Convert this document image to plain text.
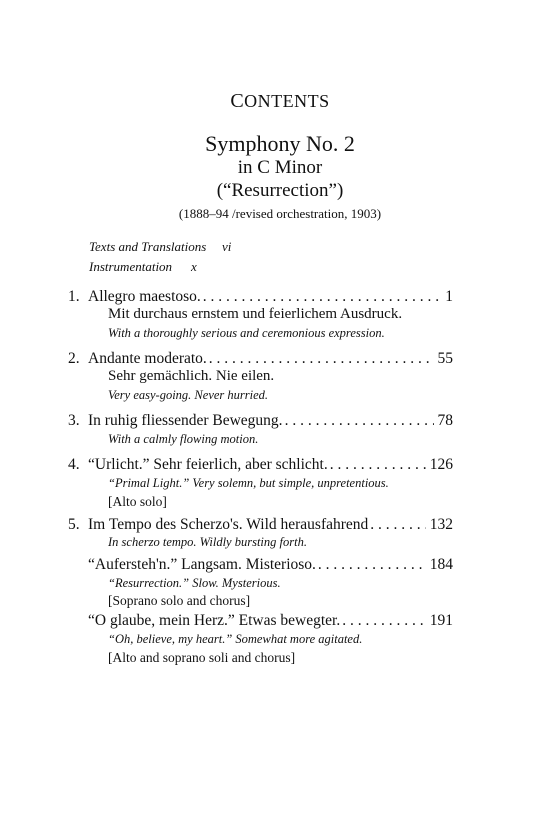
CONTENTS
Symphony No. 2
in C Minor
(“Resurrection”)
(1888–94 /revised orchestration, 1903)
Texts and Translations vi
Instrumentation x
1. Allegro maestoso. . . .	1
Mit durchaus ernstem und feierlichem Ausdruck.
With a thoroughly serious and ceremonious expression.
2. Andante moderato. . . .	55
Sehr gemächlich. Nie eilen.
Very easy-going. Never hurried.
3. In ruhig fliessender Bewegung. . . .	78
With a calmly flowing motion.
4. “Urlicht.” Sehr feierlich, aber schlicht. . . .	126
“Primal Light.” Very solemn, but simple, unpretentious.
[Alto solo]
5. Im Tempo des Scherzo's. Wild herausfahrend . . .	132
In scherzo tempo. Wildly bursting forth.
“Aufersteh'n.” Langsam. Misterioso. . . .	184
“Resurrection.” Slow. Mysterious.
[Soprano solo and chorus]
“O glaube, mein Herz.” Etwas bewegter. . . .	191
“Oh, believe, my heart.” Somewhat more agitated.
[Alto and soprano soli and chorus]
